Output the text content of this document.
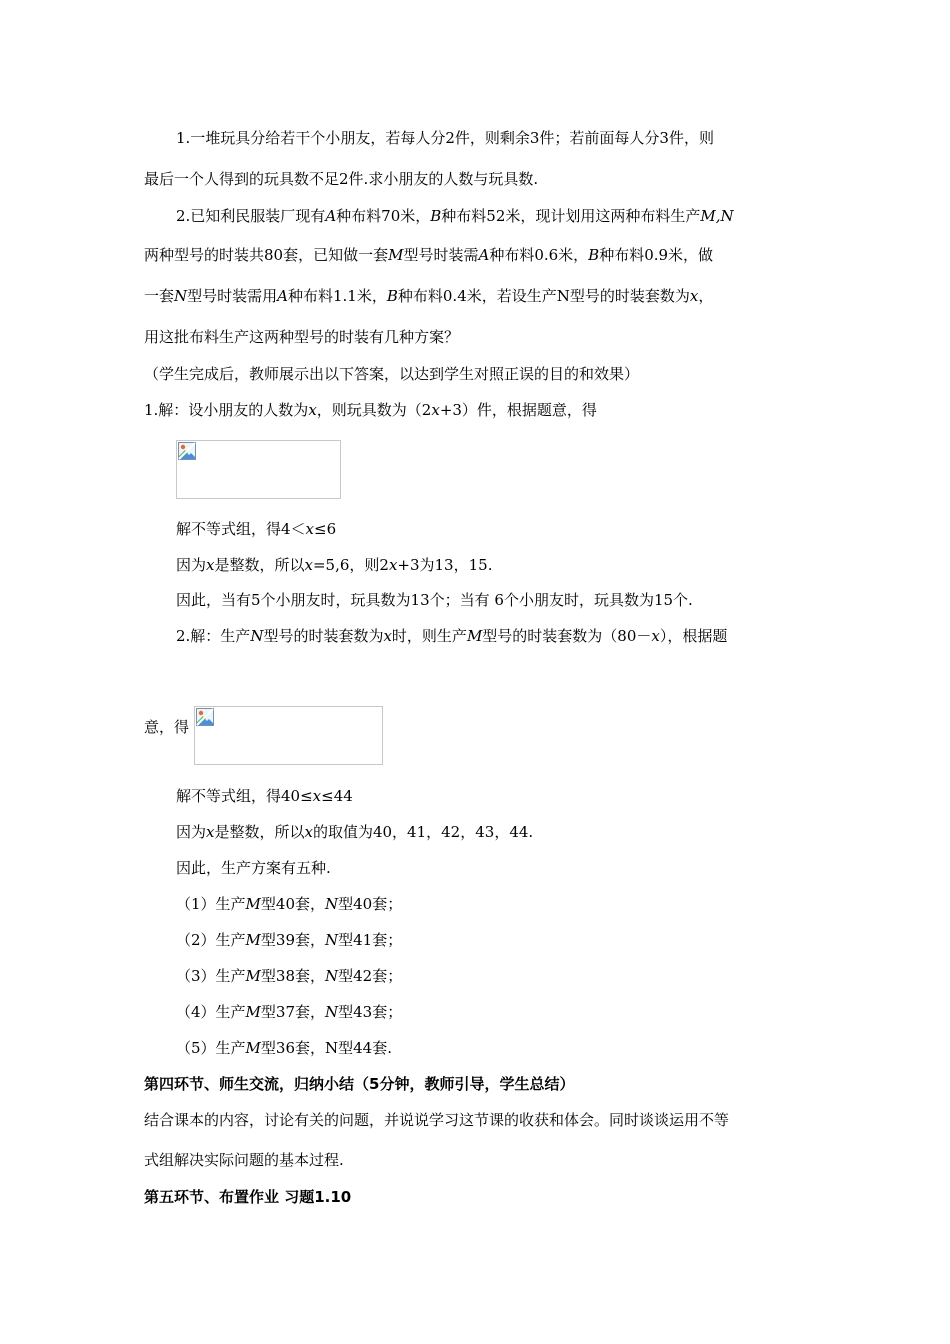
1.一堆玩具分给若干个小朋友，若每人分2件，则剩余3件；若前面每人分3件，则
最后一个人得到的玩具数不足2件.求小朋友的人数与玩具数.
2.已知利民服装厂现有A种布料70米，B种布料52米，现计划用这两种布料生产M,N
两种型号的时装共80套，已知做一套M型号时装需A种布料0.6米，B种布料0.9米，做
一套N型号时装需用A种布料1.1米，B种布料0.4米，若设生产N型号的时装套数为x，
用这批布料生产这两种型号的时装有几种方案？
（学生完成后，教师展示出以下答案，以达到学生对照正误的目的和效果）
1.解：设小朋友的人数为x，则玩具数为（2x+3）件，根据题意，得
解不等式组，得4＜x≤6
因为x是整数，所以x=5,6，则2x+3为13，15.
因此，当有5个小朋友时，玩具数为13个；当有 6个小朋友时，玩具数为15个.
2.解：生产N型号的时装套数为x时，则生产M型号的时装套数为（80－x），根据题
意，得
解不等式组，得40≤x≤44
因为x是整数，所以x的取值为40，41，42，43，44.
因此，生产方案有五种.
（1）生产M型40套，N型40套；
（2）生产M型39套，N型41套；
（3）生产M型38套，N型42套；
（4）生产M型37套，N型43套；
（5）生产M型36套，N型44套.
第四环节、师生交流，归纳小结（5分钟，教师引导，学生总结）
结合课本的内容，讨论有关的问题，并说说学习这节课的收获和体会。同时谈谈运用不等
式组解决实际问题的基本过程.
第五环节、布置作业 习题1.10
